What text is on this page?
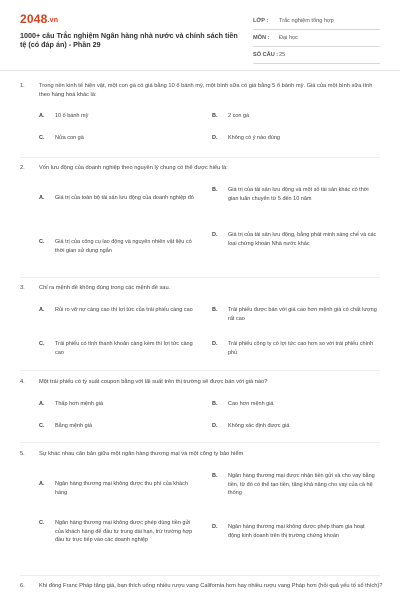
2048.vn
1000+ câu Trắc nghiệm Ngân hàng nhà nước và chính sách tiền tệ (có đáp án) - Phần 29
LỚP :	Trắc nghiệm tổng hợp
MÔN :	Đại học
SỐ CÂU : 25
1.	Trong nền kinh tế hiện vật, một con gà có giá bằng 10 ổ bánh mỳ, một bình sữa có giá bằng 5 ổ bánh mỳ. Giá của một bình sữa tính theo hàng hoá khác là:
A.	10 ổ bánh mỳ	B.	2 con gà
C.	Nửa con gà	D.	Không có ý nào đúng
2.	Vốn lưu động của doanh nghiệp theo nguyên lý chung có thể được hiểu là:
A.	Giá trị của toàn bộ tài sản lưu động của doanh nghiệp đó
B.	Giá trị của tài sản lưu động và một số tài sản khác có thời gian luân chuyển từ 5 đến 10 năm
C.	Giá trị của công cụ lao động và nguyên nhiên vật liệu có thời gian sử dụng ngắn
D.	Giá trị của tài sản lưu động, bằng phát minh sáng chế và các loại chứng khoán Nhà nước khác
3.	Chỉ ra mệnh đề không đúng trong các mệnh đề sau.
A.	Rủi ro vỡ nợ càng cao thì lợi tức của trái phiếu càng cao	B.	Trái phiếu được bán với giá cao hơn mệnh giá có chất lượng rất cao
C.	Trái phiếu có tính thanh khoản càng kém thì lợi tức càng cao
D.	Trái phiếu công ty có lợi tức cao hơn so với trái phiếu chính phủ
4.	Một trái phiếu có tỷ suất coupon bằng với lãi suất trên thị trường sẽ được bán với giá nào?
A.	Thấp hơn mệnh giá	B.	Cao hơn mệnh giá
C.	Bằng mệnh giá	D.	Không xác định được giá
5.	Sự khác nhau căn bản giữa một ngân hàng thương mại và một công ty bảo hiểm
A.	Ngân hàng thương mại không được thu phí của khách hàng
B.	Ngân hàng thương mại được nhận tiền gửi và cho vay bằng tiền, từ đó có thể tạo tiền, tăng khả năng cho vay của cả hệ thống
C.	Ngân hàng thương mại không được phép dùng tiền gửi của khách hàng để đầu tư trung dài hạn, trừ trường hợp đầu tư trực tiếp vào các doanh nghiệp
D.	Ngân hàng thương mại không được phép tham gia hoạt động kinh doanh trên thị trường chứng khoán
6.	Khi đồng Franc Pháp tăng giá, bạn thích uống nhiều rượu vang California hơn hay nhiều rượu vang Pháp hơn (hỏi quả yếu tố số thích)?
